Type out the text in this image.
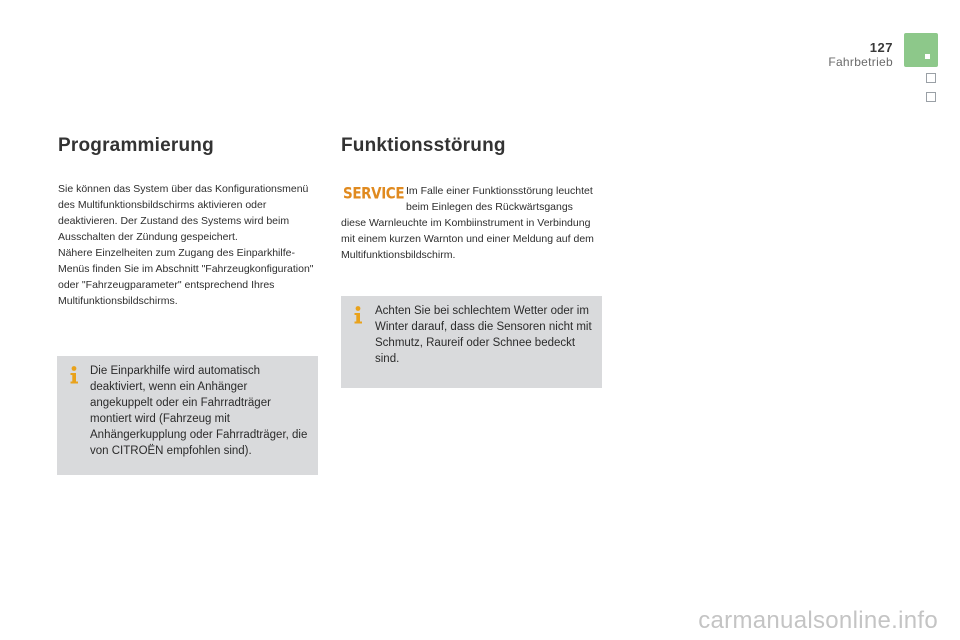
127
Fahrbetrieb
Programmierung

Sie können das System über das Konfigurationsmenü des Multifunktionsbildschirms aktivieren oder deaktivieren. Der Zustand des Systems wird beim Ausschalten der Zündung gespeichert.

Nähere Einzelheiten zum Zugang des Einparkhilfe-Menüs finden Sie im Abschnitt "Fahrzeugkonfiguration" oder "Fahrzeugparameter" entsprechend Ihres Multifunktionsbildschirms.

Die Einparkhilfe wird automatisch deaktiviert, wenn ein Anhänger angekuppelt oder ein Fahrradträger montiert wird (Fahrzeug mit Anhängerkupplung oder Fahrradträger, die von CITROËN empfohlen sind).

Funktionsstörung
SERVICE Im Falle einer Funktionsstörung leuchtet beim Einlegen des Rückwärtsgangs

diese Warnleuchte im Kombiinstrument in Verbindung mit einem kurzen Warnton und einer Meldung auf dem Multifunktionsbildschirm.

Achten Sie bei schlechtem Wetter oder im Winter darauf, dass die Sensoren nicht mit Schmutz, Raureif oder Schnee bedeckt sind.

carmanualsonline.info
